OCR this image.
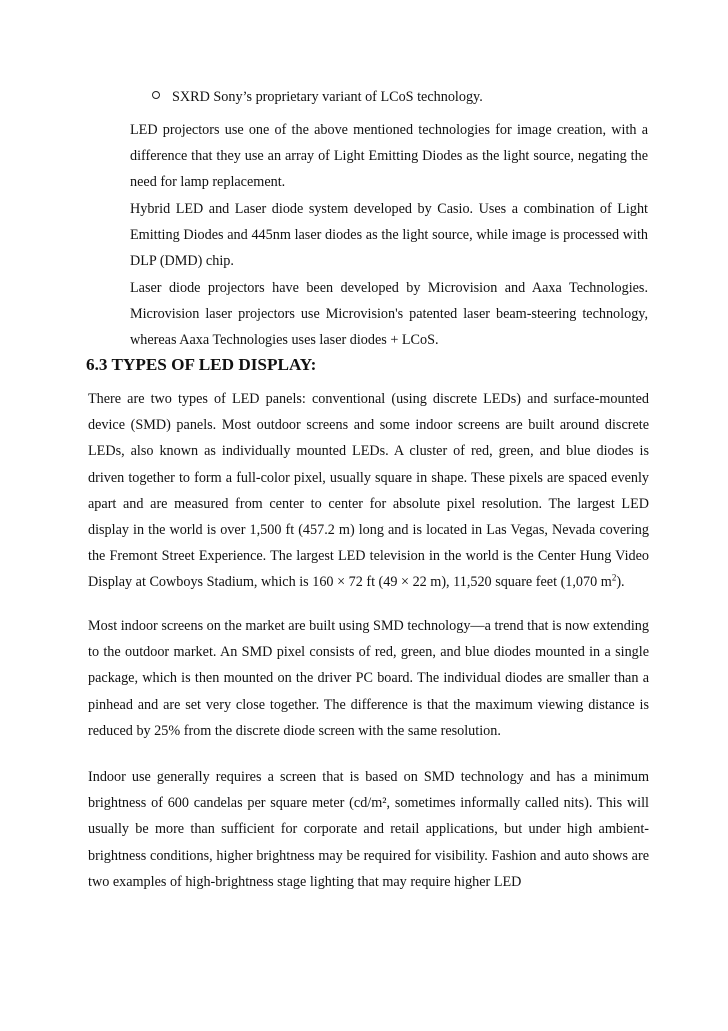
SXRD Sony’s proprietary variant of LCoS technology.

LED projectors use one of the above mentioned technologies for image creation, with a difference that they use an array of Light Emitting Diodes as the light source, negating the need for lamp replacement.

Hybrid LED and Laser diode system developed by Casio. Uses a combination of Light Emitting Diodes and 445nm laser diodes as the light source, while image is processed with DLP (DMD) chip.

Laser diode projectors have been developed by Microvision and Aaxa Technologies. Microvision laser projectors use Microvision's patented laser beam-steering technology, whereas Aaxa Technologies uses laser diodes + LCoS.

6.3 TYPES OF LED DISPLAY:

There are two types of LED panels: conventional (using discrete LEDs) and surface-mounted device (SMD) panels. Most outdoor screens and some indoor screens are built around discrete LEDs, also known as individually mounted LEDs. A cluster of red, green, and blue diodes is driven together to form a full-color pixel, usually square in shape. These pixels are spaced evenly apart and are measured from center to center for absolute pixel resolution. The largest LED display in the world is over 1,500 ft (457.2 m) long and is located in Las Vegas, Nevada covering the Fremont Street Experience. The largest LED television in the world is the Center Hung Video Display at Cowboys Stadium, which is 160 × 72 ft (49 × 22 m), 11,520 square feet (1,070 $m^2$).

Most indoor screens on the market are built using SMD technology—a trend that is now extending to the outdoor market. An SMD pixel consists of red, green, and blue diodes mounted in a single package, which is then mounted on the driver PC board. The individual diodes are smaller than a pinhead and are set very close together. The difference is that the maximum viewing distance is reduced by 25% from the discrete diode screen with the same resolution.

Indoor use generally requires a screen that is based on SMD technology and has a minimum brightness of 600 candelas per square meter (cd/m², sometimes informally called nits). This will usually be more than sufficient for corporate and retail applications, but under high ambient-brightness conditions, higher brightness may be required for visibility. Fashion and auto shows are two examples of high-brightness stage lighting that may require higher LED
